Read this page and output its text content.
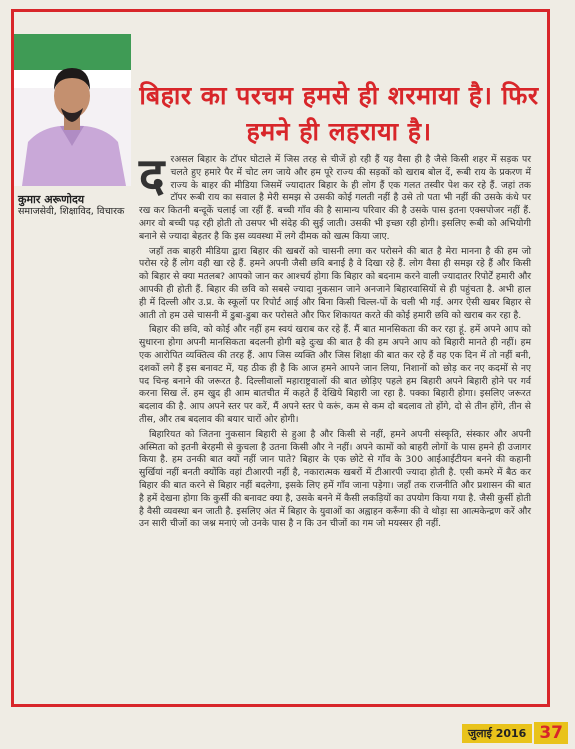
कुमार अरूणोदय
समाजसेवी, शिक्षाविद, विचारक
बिहार का परचम हमसे ही शरमाया है। फिर हमने ही लहराया है।

दरअसल बिहार के टॉपर घोटाले में जिस तरह से चीजें हो रही हैं यह वैसा ही है जैसे किसी शहर में सड़क पर चलते हुए हमारे पैर में चोट लग जाये और हम पूरे राज्य की सड़कों को खराब बोल दें, रूबी राय के प्रकरण में राज्य के बाहर की मीडिया जिसमें ज्यादातर बिहार के ही लोग हैं एक गलत तस्वीर पेश कर रहे हैं. जहां तक टॉपर रूबी राय का सवाल है मेरी समझ से उसकी कोई गलती नहीं है उसे तो पता भी नहीं की उसके कंधे पर रख कर कितनी बन्दूकें चलाई जा रहीं हैं. बच्ची गाँव की है सामान्य परिवार की है उसके पास इतना एक्सपोजर नहीं हैं. अगर वो बच्ची पढ़ रही होती तो उसपर भी संदेह की सुई जाती। उसकी भी इच्छा रही होगी। इसलिए रूबी को अभियोगी बनाने से ज्यादा बेहतर है कि इस व्यवस्था में लगे दीमक को खत्म किया जाए.

जहाँ तक बाहरी मीडिया द्वारा बिहार की खबरों को चासनी लगा कर परोसने की बात है मेरा मानना है की हम जो परोस रहे हैं लोग वही खा रहे हैं. हमने अपनी जैसी छवि बनाई है वे दिखा रहे हैं. लोग वैसा ही समझ रहे हैं और किसी को बिहार से क्या मतलब? आपको जान कर आश्चर्य होगा कि बिहार को बदनाम करने वाली ज्यादातर रिपोर्टें हमारी और आपकी ही होती हैं. बिहार की छवि को सबसे ज्यादा नुकसान जाने अनजाने बिहारवासियों से ही पहुंचता है. अभी हाल ही में दिल्ली और उ.प्र. के स्कूलों पर रिपोर्ट आई और बिना किसी चिल्ल-पों के चली भी गई. अगर ऐसी खबर बिहार से आती तो हम उसे चासनी में डुबा-डुबा कर परोसते और फिर शिकायत करते की कोई हमारी छवि को खराब कर रहा है.

बिहार की छवि, को कोई और नहीं हम स्वयं खराब कर रहे हैं. मैं बात मानसिकता की कर रहा हूं. हमें अपने आप को सुधारना होगा अपनी मानसिकता बदलनी होगी बड़े दुःख की बात है की हम अपने आप को बिहारी मानते ही नहीं। हम एक आरोपित व्यक्तित्व की तरह हैं. आप जिस व्यक्ति और जिस शिक्षा की बात कर रहे हैं वह एक दिन में तो नहीं बनी, दशकों लगे हैं इस बनावट में, यह ठीक ही है कि आज हमने आपने जान लिया, निशानों को छोड़ कर नए कदमों से नए पद चिन्ह बनाने की जरूरत है. दिल्लीवालों महाराष्ट्रवालों की बात छोड़िए पहले हम बिहारी अपने बिहारी होने पर गर्व करना सिख लें. हम खुद ही आम बातचीत में कहते हैं देखिये बिहारी जा रहा है. पक्का बिहारी होगा। इसलिए जरूरत बदलाव की है. आप अपने स्तर पर करें, मैं अपने स्तर पे करूं, कम से कम दो बदलाव तो होंगे, दो से तीन होंगे, तीन से तीस, और तब बदलाव की बयार चारों ओर होगी।

बिहारियत को जितना नुकसान बिहारी से हुआ है और किसी से नहीं, हमने अपनी संस्कृति, संस्कार और अपनी अस्मिता को इतनी बेरहमी से कुचला है उतना किसी और ने नहीं। अपने कामों को बाहरी लोगों के पास हमने ही उजागर किया है. हम उनकी बात क्यों नहीं जान पाते? बिहार के एक छोटे से गाँव के 300 आईआईटीयन बनने की कहानी सुर्खियां नहीं बनती क्योंकि वहां टीआरपी नहीं है, नकारात्मक खबरों में टीआरपी ज्यादा होती है. एसी कमरे में बैठ कर बिहार की बात करने से बिहार नहीं बदलेगा, इसके लिए हमें गाँव जाना पड़ेगा। जहाँ तक राजनीति और प्रशासन की बात है हमें देखना होगा कि कुर्सी की बनावट क्या है, उसके बनने में कैसी लकड़ियों का उपयोग किया गया है. जैसी कुर्सी होती है वैसी व्यवस्था बन जाती है. इसलिए अंत में बिहार के युवाओं का अह्वाहन करूँगा की वे थोड़ा सा आत्मकेन्द्रण करें और उन सारी चीजों का जश्न मनाएं जो उनके पास है न कि उन चीजों का गम जो मयस्सर ही नहीं.

जुलाई 2016 37
